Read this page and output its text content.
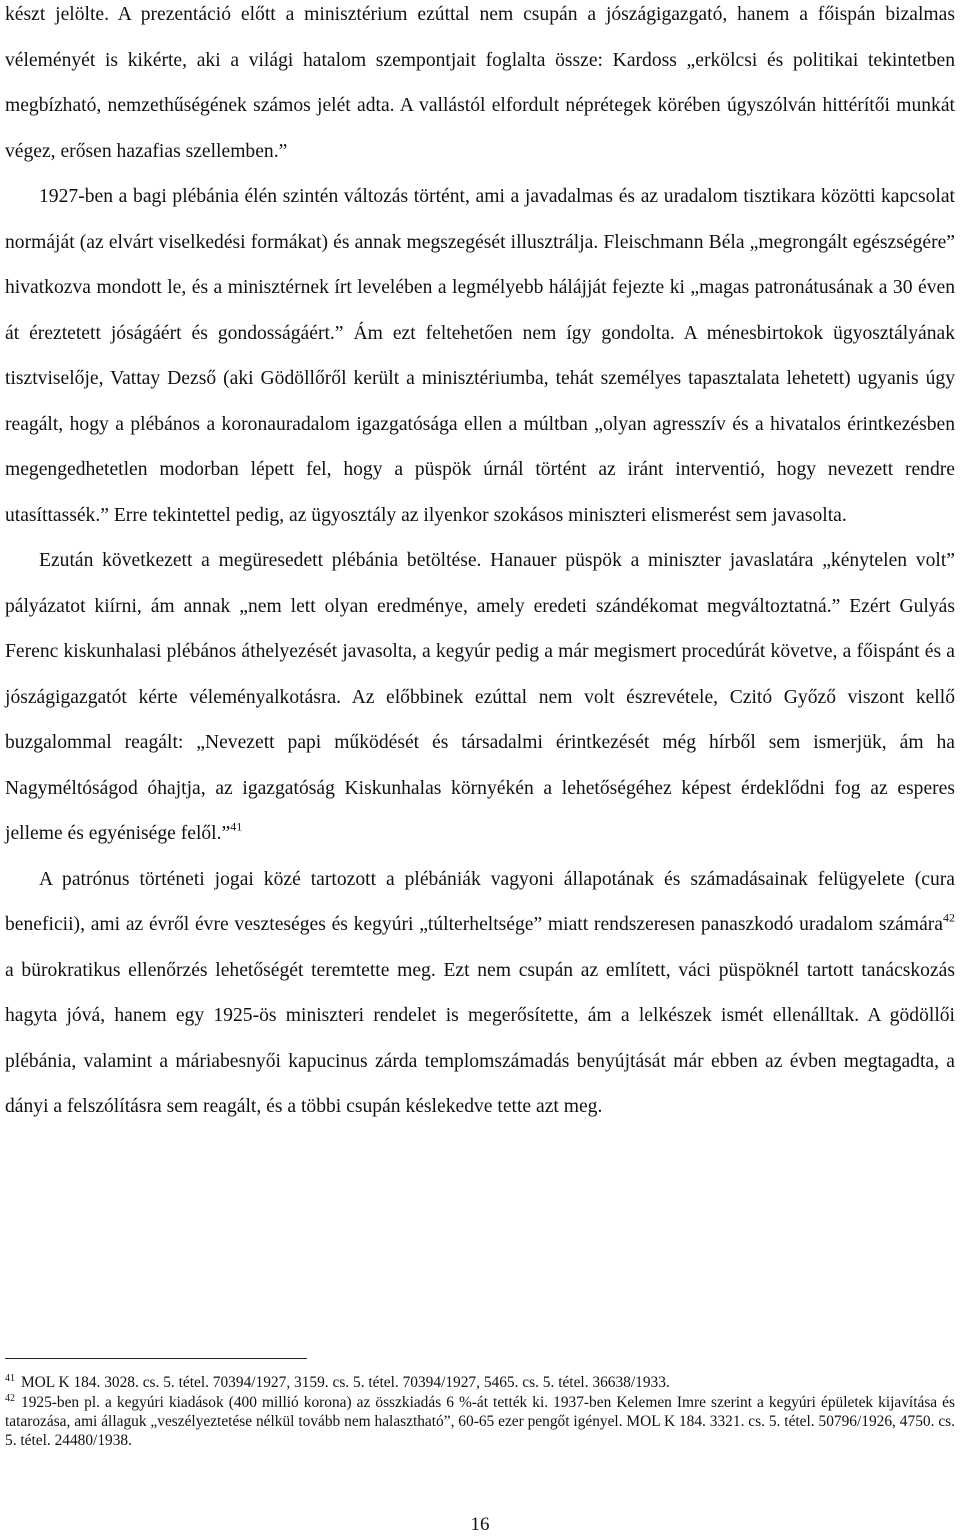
készt jelölte. A prezentáció előtt a minisztérium ezúttal nem csupán a jószágigazgató, hanem a főispán bizalmas véleményét is kikérte, aki a világi hatalom szempontjait foglalta össze: Kardoss „erkölcsi és politikai tekintetben megbízható, nemzethűségének számos jelét adta. A vallástól elfordult néprétegek körében úgyszólván hittérítői munkát végez, erősen hazafias szellemben.”

1927-ben a bagi plébánia élén szintén változás történt, ami a javadalmas és az uradalom tisztikara közötti kapcsolat normáját (az elvárt viselkedési formákat) és annak megszegését illusztrálja. Fleischmann Béla „megrongált egészségére” hivatkozva mondott le, és a minisztérnek írt levelében a legmélyebb hálájját fejezte ki „magas patronátusának a 30 éven át éreztetett jóságáért és gondosságáért.” Ám ezt feltehetően nem így gondolta. A ménesbirtokok ügyosztályának tisztviselője, Vattay Dezső (aki Gödöllőről került a minisztériumba, tehát személyes tapasztalata lehetett) ugyanis úgy reagált, hogy a plébános a koronauradalom igazgatósága ellen a múltban „olyan agresszív és a hivatalos érintkezésben megengedhetetlen modorban lépett fel, hogy a püspök úrnál történt az iránt interventió, hogy nevezett rendre utasíttassék.” Erre tekintettel pedig, az ügyosztály az ilyenkor szokásos miniszteri elismerést sem javasolta.

Ezután következett a megüresedett plébánia betöltése. Hanauer püspök a miniszter javaslatára „kénytelen volt” pályázatot kiírni, ám annak „nem lett olyan eredménye, amely eredeti szándékomat megváltoztatná.” Ezért Gulyás Ferenc kiskunhalasi plébános áthelyezését javasolta, a kegyúr pedig a már megismert procedúrát követve, a főispánt és a jószágigazgatót kérte véleményalkotásra. Az előbbinek ezúttal nem volt észrevétele, Czitó Győző viszont kellő buzgalommal reagált: „Nevezett papi működését és társadalmi érintkezését még hírből sem ismerjük, ám ha Nagyméltóságod óhajtja, az igazgatóság Kiskunhalas környékén a lehetőségéhez képest érdeklődni fog az esperes jelleme és egyénisége felől.”$^{41}$

A patrónus történeti jogai közé tartozott a plébániák vagyoni állapotának és számadásainak felügyelete (cura beneficii), ami az évről évre veszteséges és kegyúri „túlterheltsége” miatt rendszeresen panaszkodó uradalom számára$^{42}$ a bürokratikus ellenőrzés lehetőségét teremtette meg. Ezt nem csupán az említett, váci püspöknél tartott tanácskozás hagyta jóvá, hanem egy 1925-ös miniszteri rendelet is megerősítette, ám a lelkészek ismét ellenálltak. A gödöllői plébánia, valamint a máriabesnyői kapucinus zárda templomszámadás benyújtását már ebben az évben megtagadta, a dányi a felszólításra sem reagált, és a többi csupán késlekedve tette azt meg.

$^{41}$ MOL K 184. 3028. cs. 5. tétel. 70394/1927, 3159. cs. 5. tétel. 70394/1927, 5465. cs. 5. tétel. 36638/1933.

$^{42}$ 1925-ben pl. a kegyúri kiadások (400 millió korona) az összkiadás 6 %-át tették ki. 1937-ben Kelemen Imre szerint a kegyúri épületek kijavítása és tatarozása, ami állaguk „veszélyeztetése nélkül tovább nem halasztható”, 60-65 ezer pengőt igényel. MOL K 184. 3321. cs. 5. tétel. 50796/1926, 4750. cs. 5. tétel. 24480/1938.

16
